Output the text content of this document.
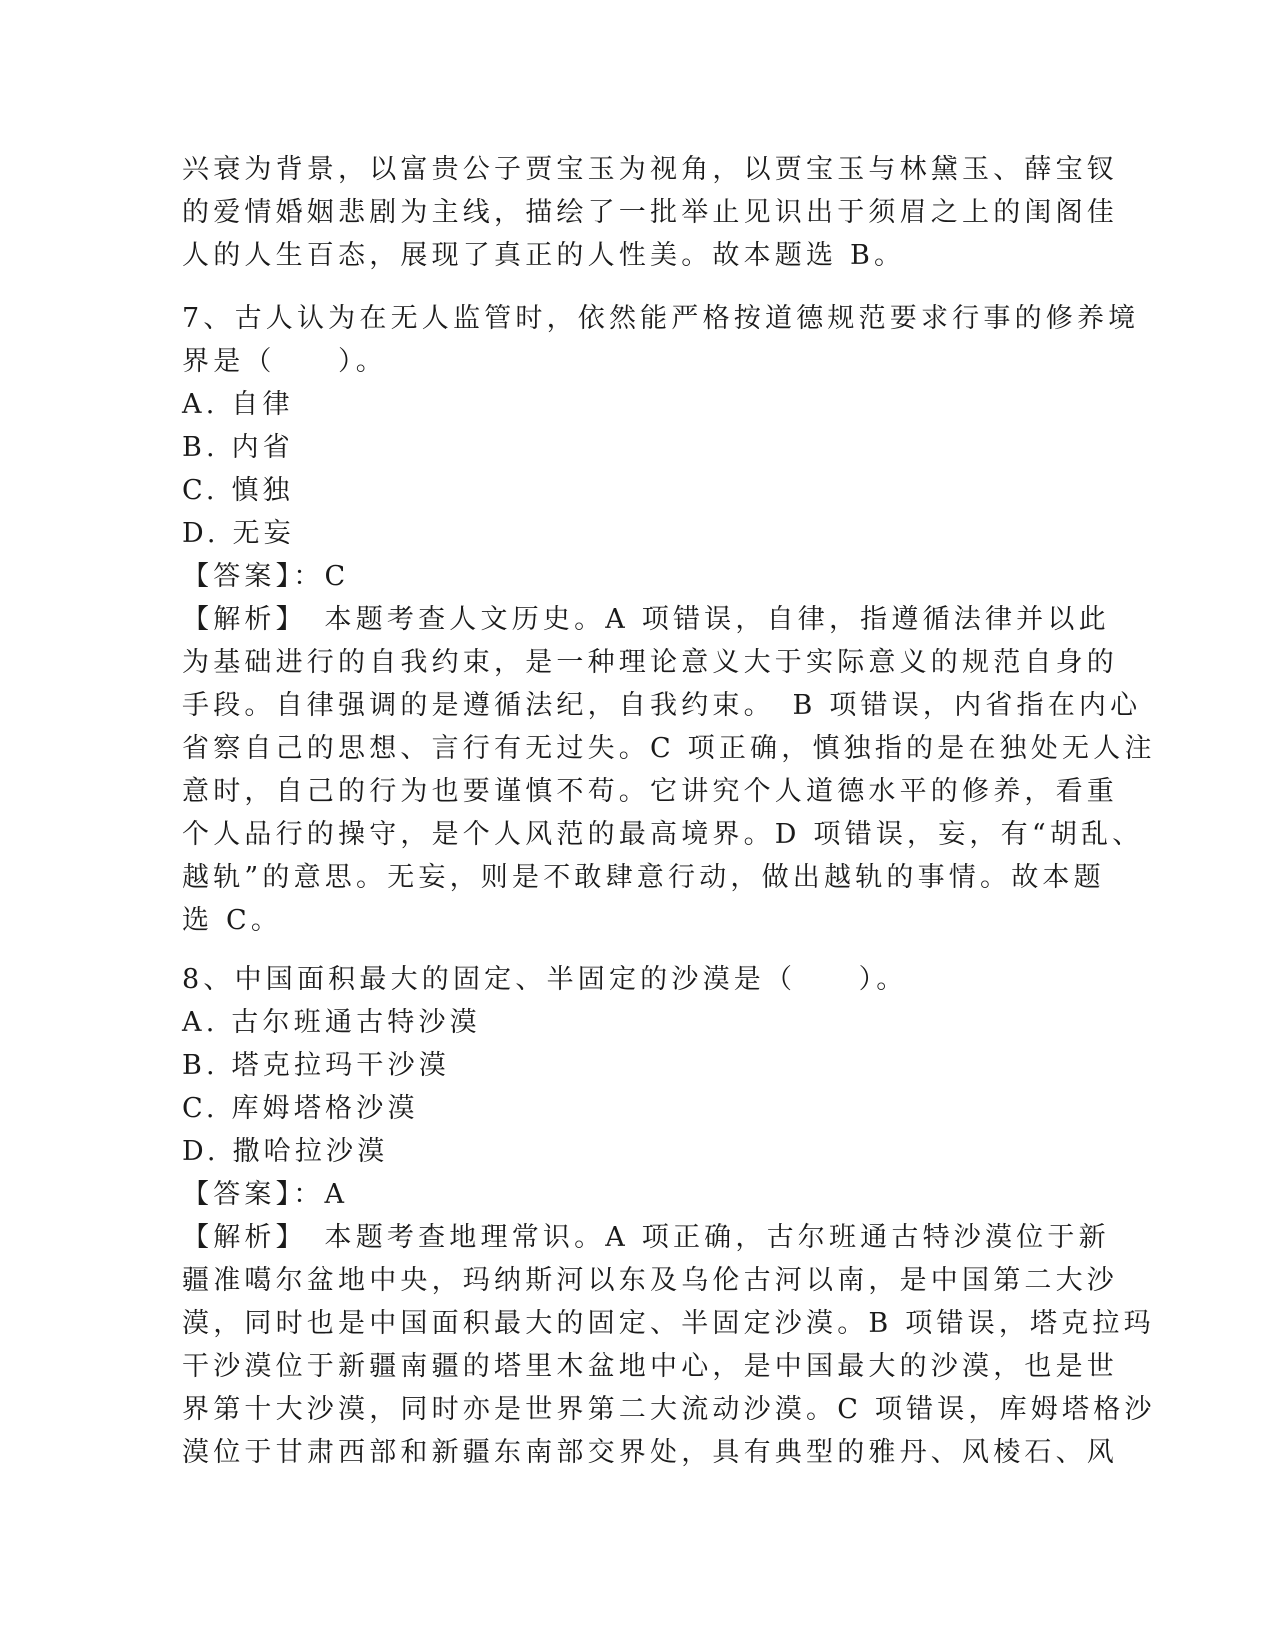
兴衰为背景，以富贵公子贾宝玉为视角，以贾宝玉与林黛玉、薛宝钗
的爱情婚姻悲剧为主线，描绘了一批举止见识出于须眉之上的闺阁佳
人的人生百态，展现了真正的人性美。故本题选 B。
7、古人认为在无人监管时，依然能严格按道德规范要求行事的修养境
界是（　　）。
A. 自律
B. 内省
C. 慎独
D. 无妄
【答案】：C
【解析】　本题考查人文历史。A 项错误，自律，指遵循法律并以此
为基础进行的自我约束，是一种理论意义大于实际意义的规范自身的
手段。自律强调的是遵循法纪，自我约束。　B 项错误，内省指在内心
省察自己的思想、言行有无过失。C 项正确，慎独指的是在独处无人注
意时，自己的行为也要谨慎不苟。它讲究个人道德水平的修养，看重
个人品行的操守，是个人风范的最高境界。D 项错误，妄，有“胡乱、
越轨”的意思。无妄，则是不敢肆意行动，做出越轨的事情。故本题
选 C。
8、中国面积最大的固定、半固定的沙漠是（　　）。
A. 古尔班通古特沙漠
B. 塔克拉玛干沙漠
C. 库姆塔格沙漠
D. 撒哈拉沙漠
【答案】：A
【解析】　本题考查地理常识。A 项正确，古尔班通古特沙漠位于新
疆准噶尔盆地中央，玛纳斯河以东及乌伦古河以南，是中国第二大沙
漠，同时也是中国面积最大的固定、半固定沙漠。B 项错误，塔克拉玛
干沙漠位于新疆南疆的塔里木盆地中心，是中国最大的沙漠，也是世
界第十大沙漠，同时亦是世界第二大流动沙漠。C 项错误，库姆塔格沙
漠位于甘肃西部和新疆东南部交界处，具有典型的雅丹、风棱石、风
